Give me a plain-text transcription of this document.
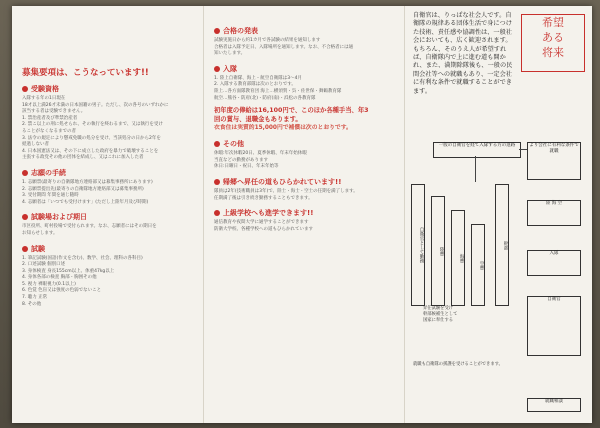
募集要項は、こうなっています!!
受験資格

入隊する年の1日現在

18才以上満26才未満の日本国籍の男子。ただし、次の各号のいずれかに

該当する者は受験できません。

1. 禁治産者及び準禁治産者

2. 禁こ以上の刑に処せられ、その執行を終わるまで、又は執行を受け

ることがなくなるまでの者

3. 法令の規定により懲戒免職の処分を受け、当該処分の日から2年を

経過しない者

4. 日本国憲法又は、その下に成立した政府を暴力で破壊することを

主張する政党その他の団体を結成し、又はこれに加入した者

志願の手続

1. 志願票(最寄りの自衛隊地方連絡部又は募集事務所にあります)

2. 志願票提出先(最寄りの自衛隊地方連絡部又は募集事務所)

3. 受付期間 年間を通じ随時

4. 志願者は「いつでも受付けます」(ただし上陸年月及び時期)

試験場および期日

市区役所、町村役場で受付られます。なお、志願者にはその期日を

お知らせします。

試験

1. 筆記試験(国語(作文を含む)、数学、社会、理科の各科目)

2. 口述試験 個別口述

3. 身体検査 身長155cm以上、体重47kg以上

4. 身体各部の検査 胸部・胸囲その他

5. 視力 裸眼視力(0.1以上)

6. 色覚 色盲又は強度の色弱でないこと

7. 聴力 正常

8. その他

合格の発表

試験実施日から約1カ月で各試験の結果を通知します

合格者は入隊予定日、入隊場所を通知します。なお、不合格者には通

知いたします。

入隊

1. 陸上自衛隊、海上・航空自衛隊は3〜4月

2. 入隊する教育部隊は次のとおりです。

陸上…各方面隊教育団 海上…横須賀・呉・佐世保・舞鶴教育隊

航空…熊谷・防府(北)・防府(南)・浜松の各教育隊

初年度の俸給は16,100円で、このほか各種手当、年3
回の賞与、退職金もあります。
衣食住は実質的15,000円で補償は次のとおりです。
その他

休暇:年次休暇20日、夏季休暇、年末年始休暇

当直などの勤務があります

休日:日曜日・祝日、年末年始等

帰郷へ昇任の道もひらかれています!!

隊員は2年(技術職員は3年)で、陸士・海士・空士の任期を満了します。

任期満了後は引き続き勤務することもできます。

上級学校へも進学できます!!

通信教育や夜間大学に通学することができます

防衛大学校、各種学校への道もひらかれています

自衛官は、りっぱな社会人です。自衛隊の規律ある団体生活で身につけた技術、責任感や協調性は、一般社会においても、広く歓迎されます。もちろん、そのうえ人が希望すれば、自衛隊内で上に進む道も開かれ、また、満期除隊後も、一般の民間会社等への就職もあり、一定会社に有利な条件で就職することができます。
希望
ある
将来
一般の自衛官を経て入隊する方の進路	より会社に有利な条件で就職
陸 海 空
入隊
自衛官として勤務	陸曹
海曹
空曹
幹部
昇任試験を受け
幹部候補生として
国家に奉仕する
自衛官
就職も自衛隊の援護を受けることができます。
就職相談
